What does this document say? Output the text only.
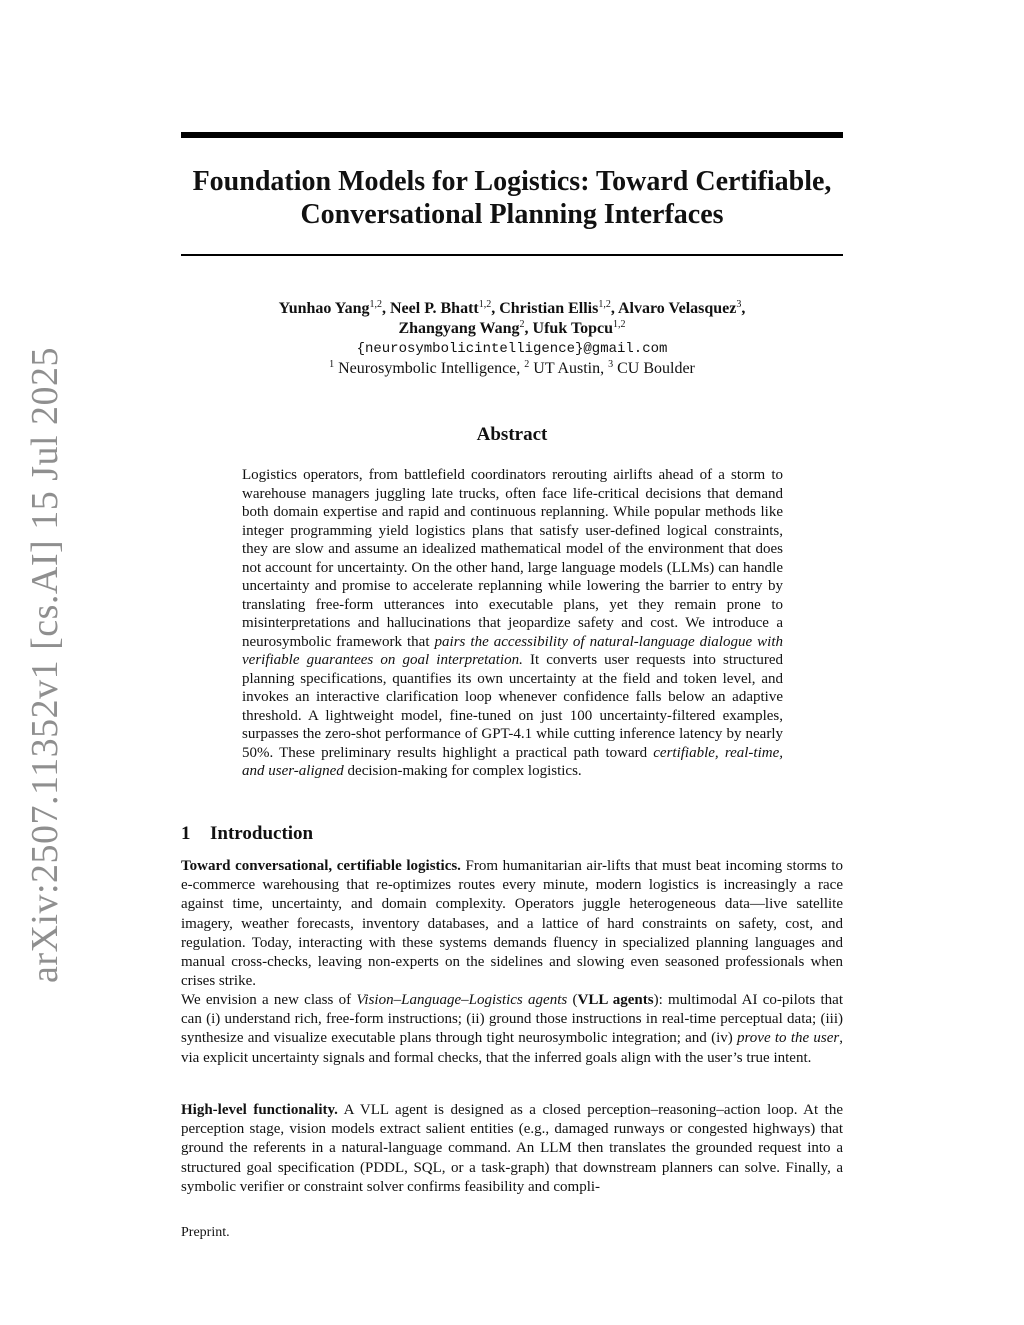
arXiv:2507.11352v1 [cs.AI] 15 Jul 2025
Foundation Models for Logistics: Toward Certifiable,
Conversational Planning Interfaces
Yunhao Yang$^{1,2}$, Neel P. Bhatt$^{1,2}$, Christian Ellis$^{1,2}$, Alvaro Velasquez$^3$,
Zhangyang Wang$^2$, Ufuk Topcu$^{1,2}$
{neurosymbolicintelligence}@gmail.com
$^1$ Neurosymbolic Intelligence, $^2$ UT Austin, $^3$ CU Boulder
Abstract

Logistics operators, from battlefield coordinators rerouting airlifts ahead of a storm to warehouse managers juggling late trucks, often face life-critical decisions that demand both domain expertise and rapid and continuous replanning. While popular methods like integer programming yield logistics plans that satisfy user-defined logical constraints, they are slow and assume an idealized mathematical model of the environment that does not account for uncertainty. On the other hand, large language models (LLMs) can handle uncertainty and promise to accelerate replanning while lowering the barrier to entry by translating free-form utterances into executable plans, yet they remain prone to misinterpretations and hallucinations that jeopardize safety and cost. We introduce a neurosymbolic framework that pairs the accessibility of natural-language dialogue with verifiable guarantees on goal interpretation. It converts user requests into structured planning specifications, quantifies its own uncertainty at the field and token level, and invokes an interactive clarification loop whenever confidence falls below an adaptive threshold. A lightweight model, fine-tuned on just 100 uncertainty-filtered examples, surpasses the zero-shot performance of GPT-4.1 while cutting inference latency by nearly 50%. These preliminary results highlight a practical path toward certifiable, real-time, and user-aligned decision-making for complex logistics.

1 Introduction

Toward conversational, certifiable logistics. From humanitarian air-lifts that must beat incoming storms to e-commerce warehousing that re-optimizes routes every minute, modern logistics is increasingly a race against time, uncertainty, and domain complexity. Operators juggle heterogeneous data—live satellite imagery, weather forecasts, inventory databases, and a lattice of hard constraints on safety, cost, and regulation. Today, interacting with these systems demands fluency in specialized planning languages and manual cross-checks, leaving non-experts on the sidelines and slowing even seasoned professionals when crises strike.

We envision a new class of Vision–Language–Logistics agents (VLL agents): multimodal AI co-pilots that can (i) understand rich, free-form instructions; (ii) ground those instructions in real-time perceptual data; (iii) synthesize and visualize executable plans through tight neurosymbolic integration; and (iv) prove to the user, via explicit uncertainty signals and formal checks, that the inferred goals align with the user’s true intent.

High-level functionality. A VLL agent is designed as a closed perception–reasoning–action loop. At the perception stage, vision models extract salient entities (e.g., damaged runways or congested highways) that ground the referents in a natural-language command. An LLM then translates the grounded request into a structured goal specification (PDDL, SQL, or a task-graph) that downstream planners can solve. Finally, a symbolic verifier or constraint solver confirms feasibility and compli-

Preprint.
